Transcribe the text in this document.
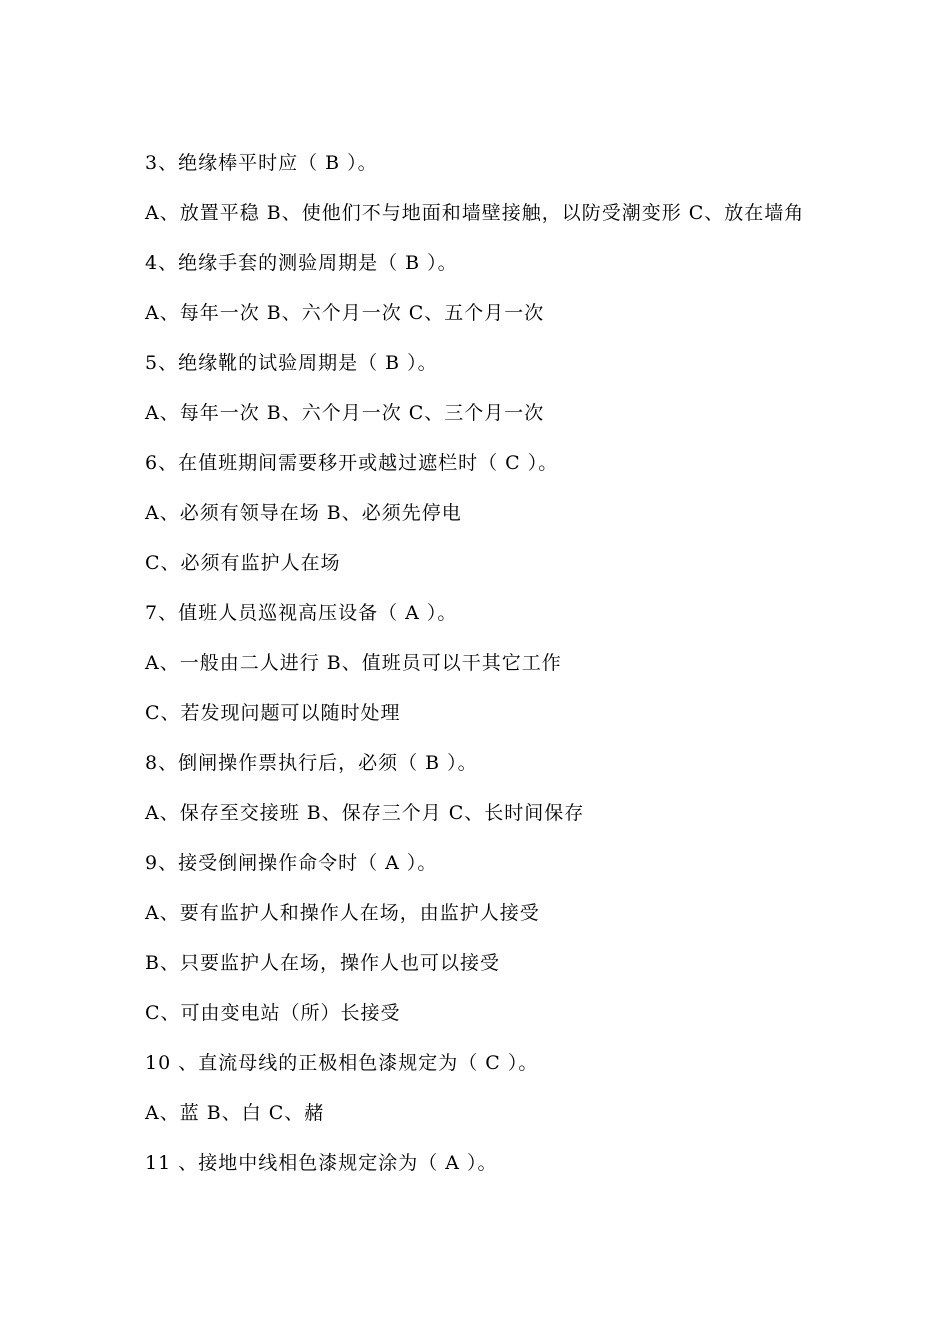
3、绝缘棒平时应（ B ）。

A、放置平稳 B、使他们不与地面和墙壁接触，以防受潮变形 C、放在墙角

4、绝缘手套的测验周期是（ B ）。

A、每年一次 B、六个月一次 C、五个月一次

5、绝缘靴的试验周期是（ B ）。

A、每年一次 B、六个月一次 C、三个月一次

6、在值班期间需要移开或越过遮栏时（ C ）。

A、必须有领导在场 B、必须先停电

C、必须有监护人在场

7、值班人员巡视高压设备（ A ）。

A、一般由二人进行 B、值班员可以干其它工作

C、若发现问题可以随时处理

8、倒闸操作票执行后，必须（ B ）。

A、保存至交接班 B、保存三个月 C、长时间保存

9、接受倒闸操作命令时（ A ）。

A、要有监护人和操作人在场，由监护人接受

B、只要监护人在场，操作人也可以接受

C、可由变电站（所）长接受

10 、直流母线的正极相色漆规定为（ C ）。

A、蓝 B、白 C、赭

11 、接地中线相色漆规定涂为（ A ）。
